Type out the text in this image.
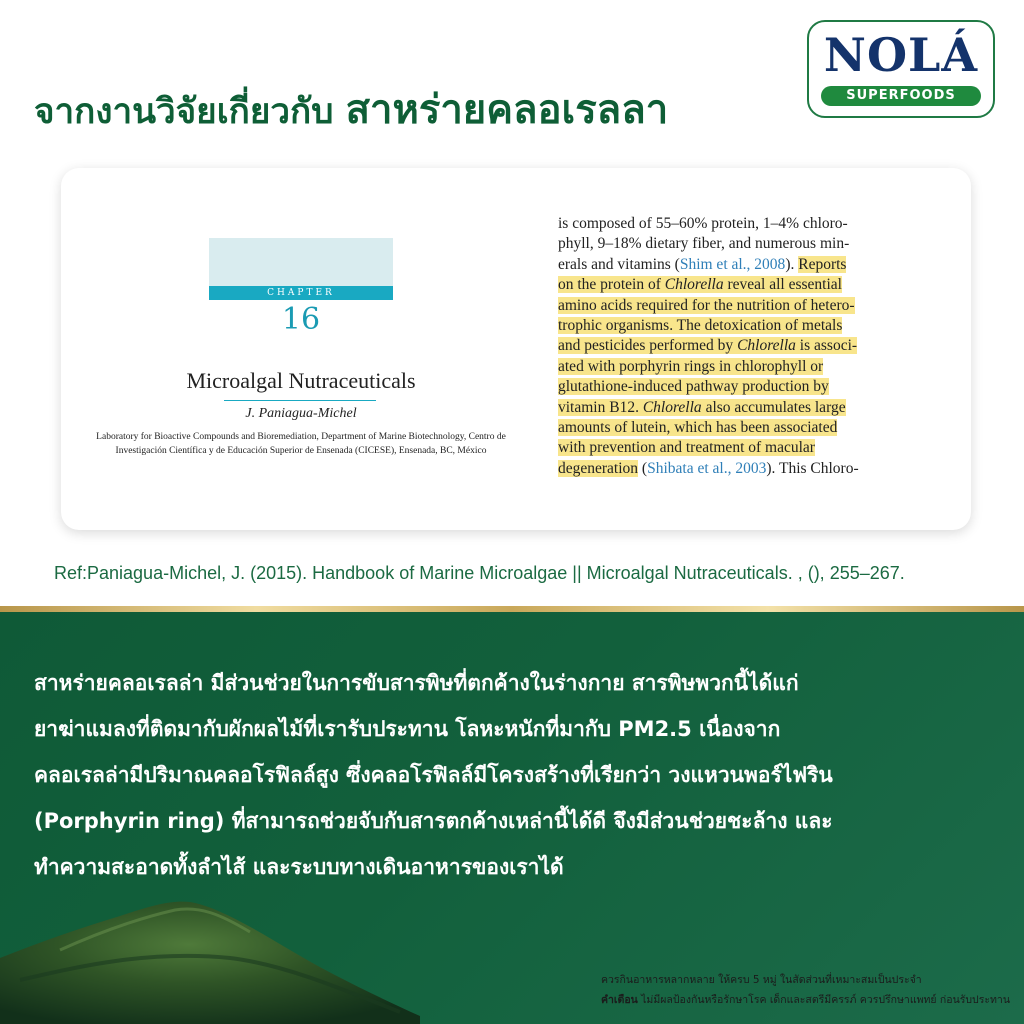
จากงานวิจัยเกี่ยวกับ สาหร่ายคลอเรลลา
NOLÁ
SUPERFOODS
CHAPTER
16
Microalgal Nutraceuticals
J. Paniagua-Michel
Laboratory for Bioactive Compounds and Bioremediation, Department of Marine Biotechnology, Centro de
Investigación Científica y de Educación Superior de Ensenada (CICESE), Ensenada, BC, México
is composed of 55–60% protein, 1–4% chloro-
phyll, 9–18% dietary fiber, and numerous min-
erals and vitamins (Shim et al., 2008). Reports
on the protein of Chlorella reveal all essential
amino acids required for the nutrition of hetero-
trophic organisms. The detoxication of metals
and pesticides performed by Chlorella is associ-
ated with porphyrin rings in chlorophyll or
glutathione-induced pathway production by
vitamin B12. Chlorella also accumulates large
amounts of lutein, which has been associated
with prevention and treatment of macular
degeneration (Shibata et al., 2003). This Chloro-

Ref:Paniagua-Michel, J. (2015). Handbook of Marine Microalgae || Microalgal Nutraceuticals. , (), 255–267.

สาหร่ายคลอเรลล่า มีส่วนช่วยในการขับสารพิษที่ตกค้างในร่างกาย สารพิษพวกนี้ได้แก่
ยาฆ่าแมลงที่ติดมากับผักผลไม้ที่เรารับประทาน โลหะหนักที่มากับ PM2.5 เนื่องจาก
คลอเรลล่ามีปริมาณคลอโรฟิลล์สูง ซึ่งคลอโรฟิลล์มีโครงสร้างที่เรียกว่า วงแหวนพอร์ไฟริน
(Porphyrin ring) ที่สามารถช่วยจับกับสารตกค้างเหล่านี้ได้ดี จึงมีส่วนช่วยชะล้าง และ
ทำความสะอาดทั้งลำไส้ และระบบทางเดินอาหารของเราได้

ควรกินอาหารหลากหลาย ให้ครบ 5 หมู่ ในสัดส่วนที่เหมาะสมเป็นประจำ
คำเตือน ไม่มีผลป้องกันหรือรักษาโรค เด็กและสตรีมีครรภ์ ควรปรึกษาแพทย์ ก่อนรับประทาน
